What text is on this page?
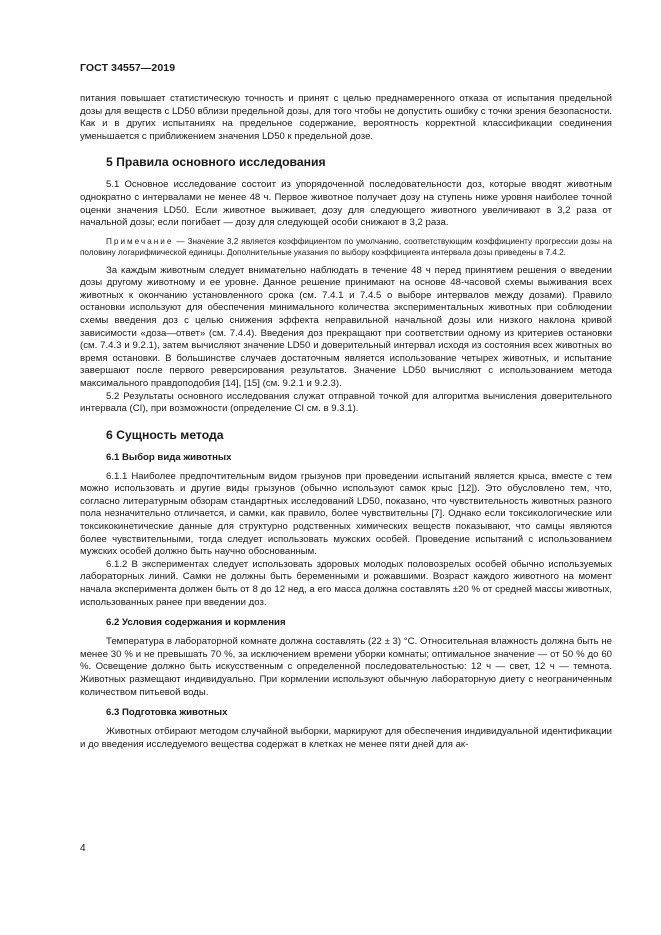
ГОСТ 34557—2019

питания повышает статистическую точность и принят с целью преднамеренного отказа от испытания предельной дозы для веществ с LD50 вблизи предельной дозы, для того чтобы не допустить ошибку с точки зрения безопасности. Как и в других испытаниях на предельное содержание, вероятность корректной классификации соединения уменьшается с приближением значения LD50 к предельной дозе.

5 Правила основного исследования

5.1 Основное исследование состоит из упорядоченной последовательности доз, которые вводят животным однократно с интервалами не менее 48 ч. Первое животное получает дозу на ступень ниже уровня наиболее точной оценки значения LD50. Если животное выживает, дозу для следующего животного увеличивают в 3,2 раза от начальной дозы; если погибает — дозу для следующей особи снижают в 3,2 раза.

Примечание — Значение 3,2 является коэффициентом по умолчанию, соответствующим коэффициенту прогрессии дозы на половину логарифмической единицы. Дополнительные указания по выбору коэффициента интервала дозы приведены в 7.4.2.

За каждым животным следует внимательно наблюдать в течение 48 ч перед принятием решения о введении дозы другому животному и ее уровне. Данное решение принимают на основе 48-часовой схемы выживания всех животных к окончанию установленного срока (см. 7.4.1 и 7.4.5 о выборе интервалов между дозами). Правило остановки используют для обеспечения минимального количества экспериментальных животных при соблюдении схемы введения доз с целью снижения эффекта неправильной начальной дозы или низкого наклона кривой зависимости «доза—ответ» (см. 7.4.4). Введения доз прекращают при соответствии одному из критериев остановки (см. 7.4.3 и 9.2.1), затем вычисляют значение LD50 и доверительный интервал исходя из состояния всех животных во время остановки. В большинстве случаев достаточным является использование четырех животных, и испытание завершают после первого реверсирования результатов. Значение LD50 вычисляют с использованием метода максимального правдоподобия [14], [15] (см. 9.2.1 и 9.2.3).

5.2 Результаты основного исследования служат отправной точкой для алгоритма вычисления доверительного интервала (CI), при возможности (определение CI см. в 9.3.1).

6 Сущность метода
6.1 Выбор вида животных

6.1.1 Наиболее предпочтительным видом грызунов при проведении испытаний является крыса, вместе с тем можно использовать и другие виды грызунов (обычно используют самок крыс [12]). Это обусловлено тем, что, согласно литературным обзорам стандартных исследований LD50, показано, что чувствительность животных разного пола незначительно отличается, и самки, как правило, более чувствительны [7]. Однако если токсикологические или токсикокинетические данные для структурно родственных химических веществ показывают, что самцы являются более чувствительными, тогда следует использовать мужских особей. Проведение испытаний с использованием мужских особей должно быть научно обоснованным.

6.1.2 В экспериментах следует использовать здоровых молодых половозрелых особей обычно используемых лабораторных линий. Самки не должны быть беременными и рожавшими. Возраст каждого животного на момент начала эксперимента должен быть от 8 до 12 нед, а его масса должна составлять ±20 % от средней массы животных, использованных ранее при введении доз.

6.2 Условия содержания и кормления

Температура в лабораторной комнате должна составлять (22 ± 3) °С. Относительная влажность должна быть не менее 30 % и не превышать 70 %, за исключением времени уборки комнаты; оптимальное значение — от 50 % до 60 %. Освещение должно быть искусственным с определенной последовательностью: 12 ч — свет, 12 ч — темнота. Животных размещают индивидуально. При кормлении используют обычную лабораторную диету с неограниченным количеством питьевой воды.

6.3 Подготовка животных

Животных отбирают методом случайной выборки, маркируют для обеспечения индивидуальной идентификации и до введения исследуемого вещества содержат в клетках не менее пяти дней для ак-

4
